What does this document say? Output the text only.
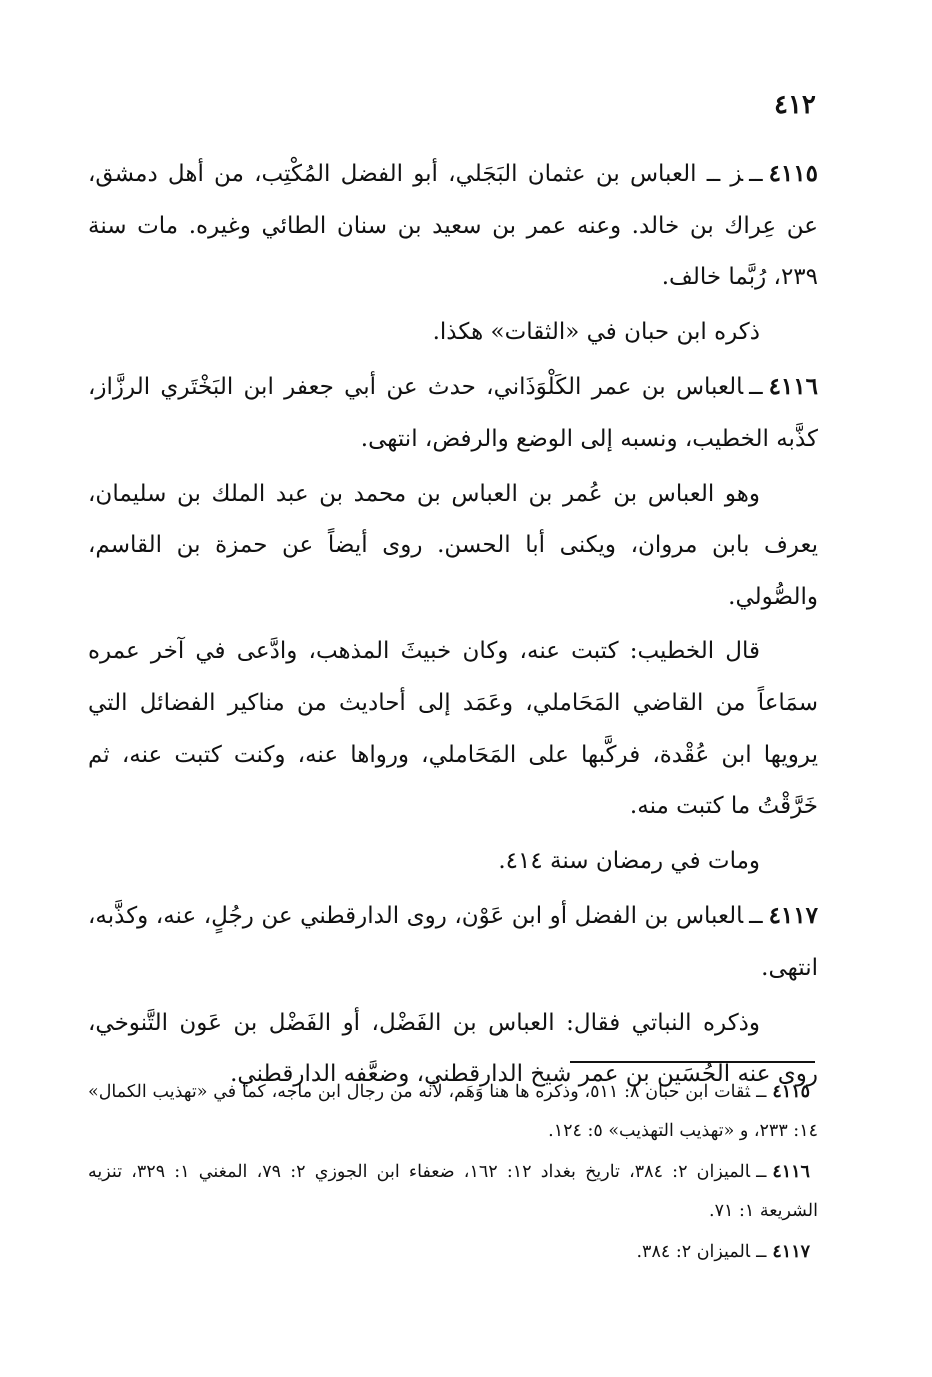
٤١٢

٤١١٥ــز ــ العباس بن عثمان البَجَلي، أبو الفضل المُكْتِب، من أهل دمشق، عن عِراك بن خالد. وعنه عمر بن سعيد بن سنان الطائي وغيره. مات سنة ٢٣٩، رُبَّما خالف.

ذكره ابن حبان في «الثقات» هكذا.

٤١١٦ــالعباس بن عمر الكَلْوَذَاني، حدث عن أبي جعفر ابن البَخْتَري الرزَّاز، كذَّبه الخطيب، ونسبه إلى الوضع والرفض، انتهى.

وهو العباس بن عُمر بن العباس بن محمد بن عبد الملك بن سليمان، يعرف بابن مروان، ويكنى أبا الحسن. روى أيضاً عن حمزة بن القاسم، والصُّولي.

قال الخطيب: كتبت عنه، وكان خبيثَ المذهب، وادَّعى في آخر عمره سمَاعاً من القاضي المَحَاملي، وعَمَد إلى أحاديث من مناكير الفضائل التي يرويها ابن عُقْدة، فركَّبها على المَحَاملي، ورواها عنه، وكنت كتبت عنه، ثم خَرَّقْتُ ما كتبت منه.

ومات في رمضان سنة ٤١٤.

٤١١٧ــالعباس بن الفضل أو ابن عَوْن، روى الدارقطني عن رجُلٍ، عنه، وكذَّبه، انتهى.

وذكره النباتي فقال: العباس بن الفَضْل، أو الفَضْل بن عَون التَّنوخي، روى عنه الحُسَين بن عمر شيخ الدارقطني، وضعَّفه الدارقطني.

٤١١٥ــثقات ابن حبان ٨: ٥١١، وذكره ها هنا وَهَم، لأنه من رجال ابن ماجه، كما في «تهذيب الكمال» ١٤: ٢٣٣، و «تهذيب التهذيب» ٥: ١٢٤.

٤١١٦ــالميزان ٢: ٣٨٤، تاريخ بغداد ١٢: ١٦٢، ضعفاء ابن الجوزي ٢: ٧٩، المغني ١: ٣٢٩، تنزيه الشريعة ١: ٧١.

٤١١٧ــالميزان ٢: ٣٨٤.
